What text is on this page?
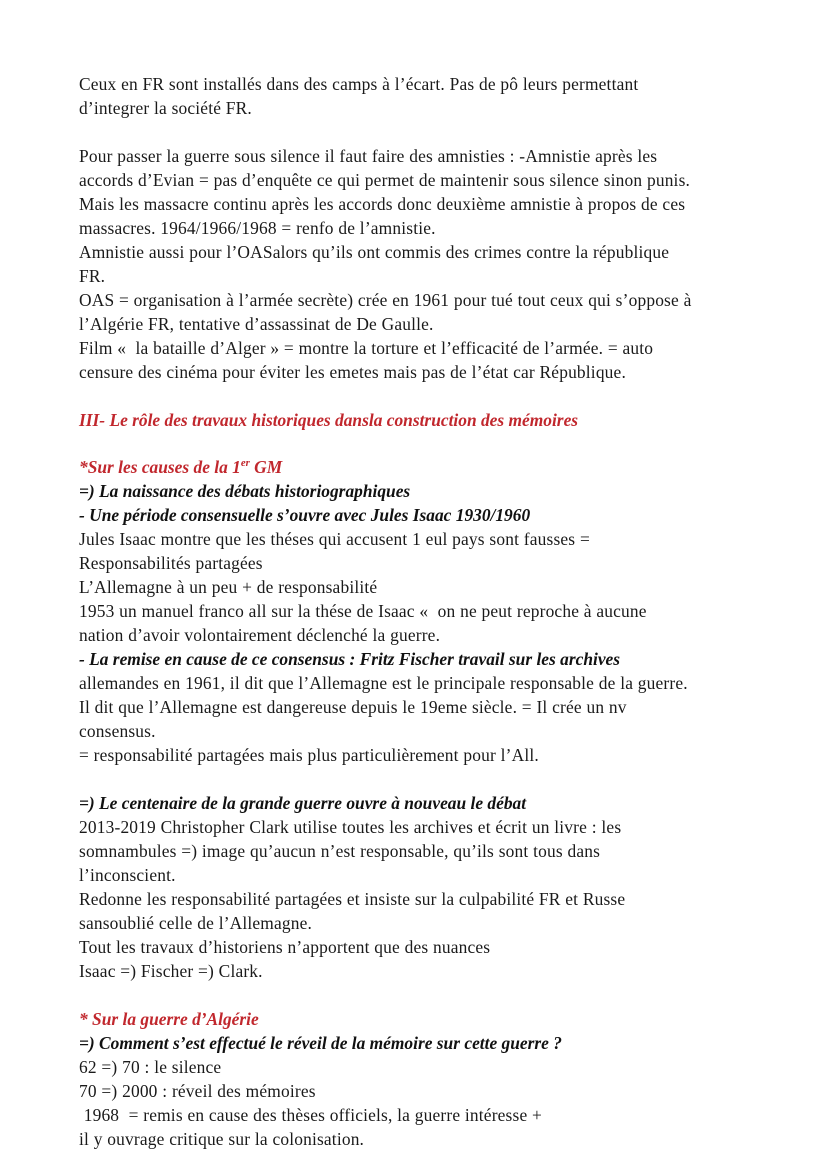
Ceux en FR sont installés dans des camps à l’écart. Pas de pô leurs permettant
d’integrer la société FR.
Pour passer la guerre sous silence il faut faire des amnisties : -Amnistie après les
accords d’Evian = pas d’enquête ce qui permet de maintenir sous silence sinon punis.
Mais les massacre continu après les accords donc deuxième amnistie à propos de ces
massacres. 1964/1966/1968 = renfo de l’amnistie.
Amnistie aussi pour l’OASalors qu’ils ont commis des crimes contre la république
FR.
OAS = organisation à l’armée secrète) crée en 1961 pour tué tout ceux qui s’oppose à
l’Algérie FR, tentative d’assassinat de De Gaulle.
Film «  la bataille d’Alger » = montre la torture et l’efficacité de l’armée. = auto
censure des cinéma pour éviter les emetes mais pas de l’état car République.
III- Le rôle des travaux historiques dansla construction des mémoires
*Sur les causes de la 1er GM
=) La naissance des débats historiographiques
- Une période consensuelle s’ouvre avec Jules Isaac 1930/1960
Jules Isaac montre que les théses qui accusent 1 eul pays sont fausses =
Responsabilités partagées
L’Allemagne à un peu + de responsabilité
1953 un manuel franco all sur la thése de Isaac «  on ne peut reproche à aucune
nation d’avoir volontairement déclenché la guerre.
- La remise en cause de ce consensus : Fritz Fischer travail sur les archives
allemandes en 1961, il dit que l’Allemagne est le principale responsable de la guerre.
Il dit que l’Allemagne est dangereuse depuis le 19eme siècle. = Il crée un nv
consensus.
= responsabilité partagées mais plus particulièrement pour l’All.
=) Le centenaire de la grande guerre ouvre à nouveau le débat
2013-2019 Christopher Clark utilise toutes les archives et écrit un livre : les
somnambules =) image qu’aucun n’est responsable, qu’ils sont tous dans
l’inconscient.
Redonne les responsabilité partagées et insiste sur la culpabilité FR et Russe
sansoublié celle de l’Allemagne.
Tout les travaux d’historiens n’apportent que des nuances
Isaac =) Fischer =) Clark.
* Sur la guerre d’Algérie
=) Comment s’est effectué le réveil de la mémoire sur cette guerre ?
62 =) 70 : le silence
70 =) 2000 : réveil des mémoires
1968  = remis en cause des thèses officiels, la guerre intéresse +
il y ouvrage critique sur la colonisation.
